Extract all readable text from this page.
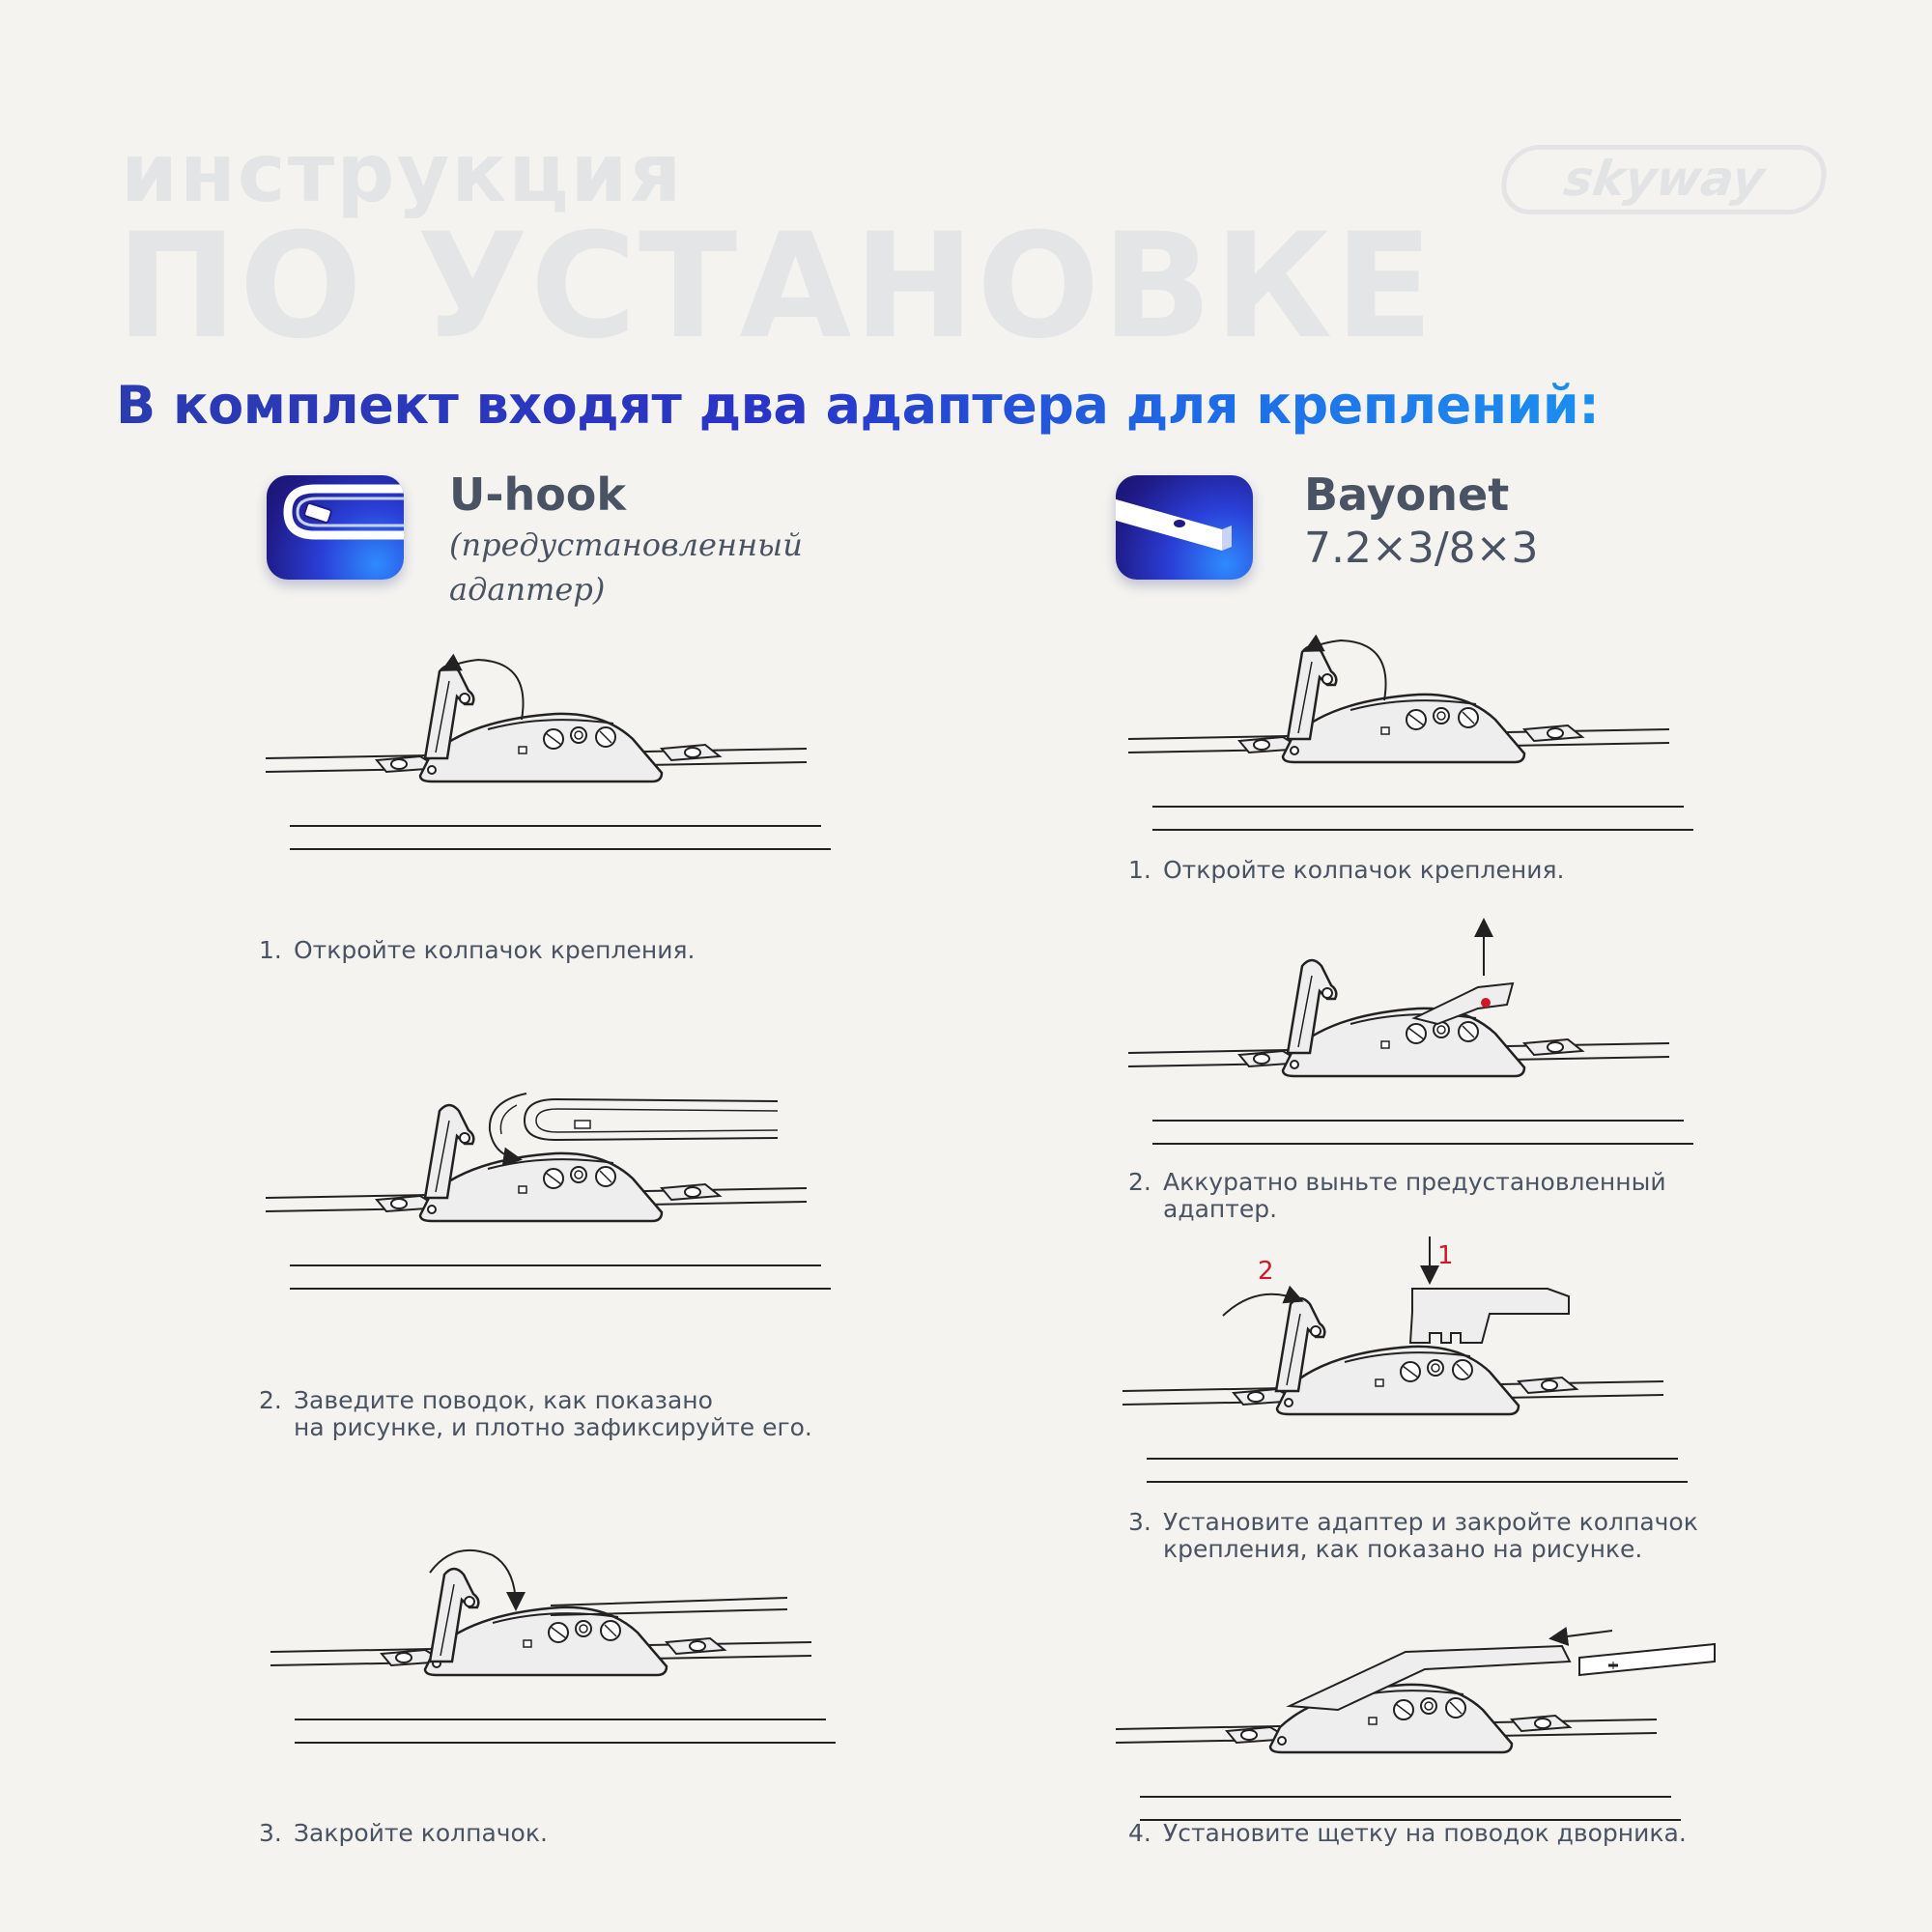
инструкция
ПО УСТАНОВКЕ
skyway
В комплект входят два адаптера для креплений:
U-hook
(предустановленный
адаптер)
Bayonet
7.2×3/8×3
1. Откройте колпачок крепления.
2. Заведите поводок, как показано
на рисунке, и плотно зафиксируйте его.
3. Закройте колпачок.
1. Откройте колпачок крепления.
2. Аккуратно выньте предустановленный
адаптер.
1
2
3. Установите адаптер и закройте колпачок
крепления, как показано на рисунке.
4. Установите щетку на поводок дворника.
